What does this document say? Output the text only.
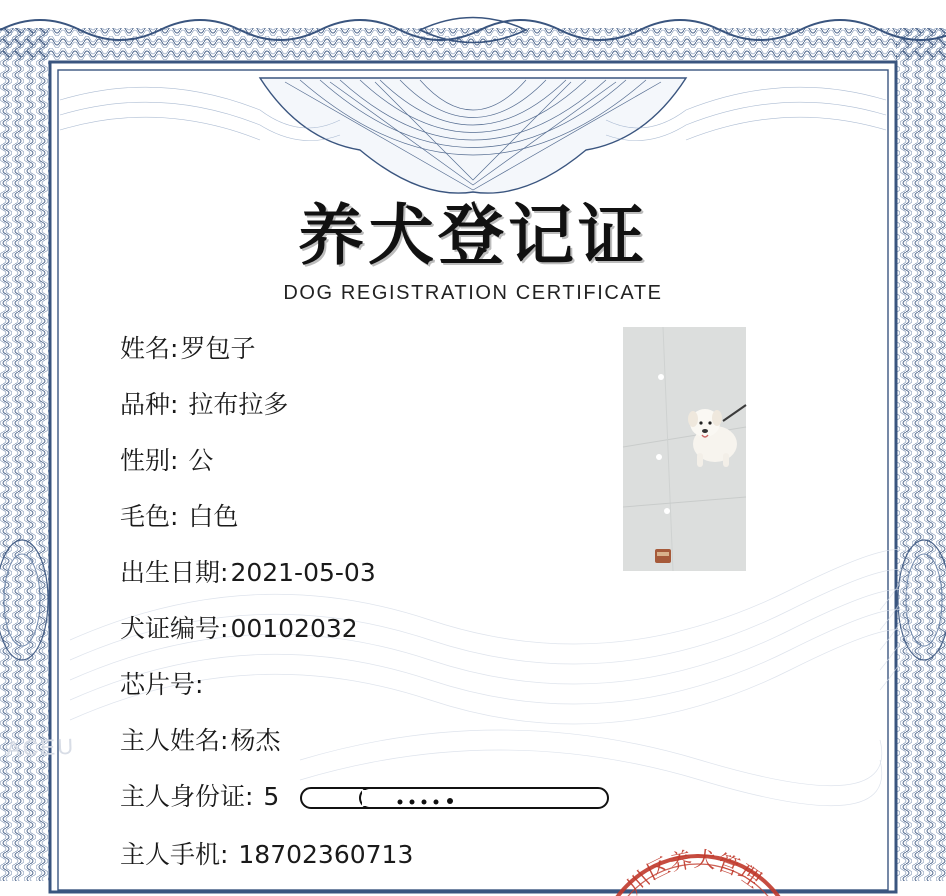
养犬登记证
DOG REGISTRATION CERTIFICATE
姓名:罗包子
品种: 拉布拉多
性别: 公
毛色: 白色
出生日期:2021-05-03
犬证编号:00102032
芯片号:
主人姓名:杨杰
主人身份证: 5
主人手机: 18702360713
ACEU
川区养犬管理
